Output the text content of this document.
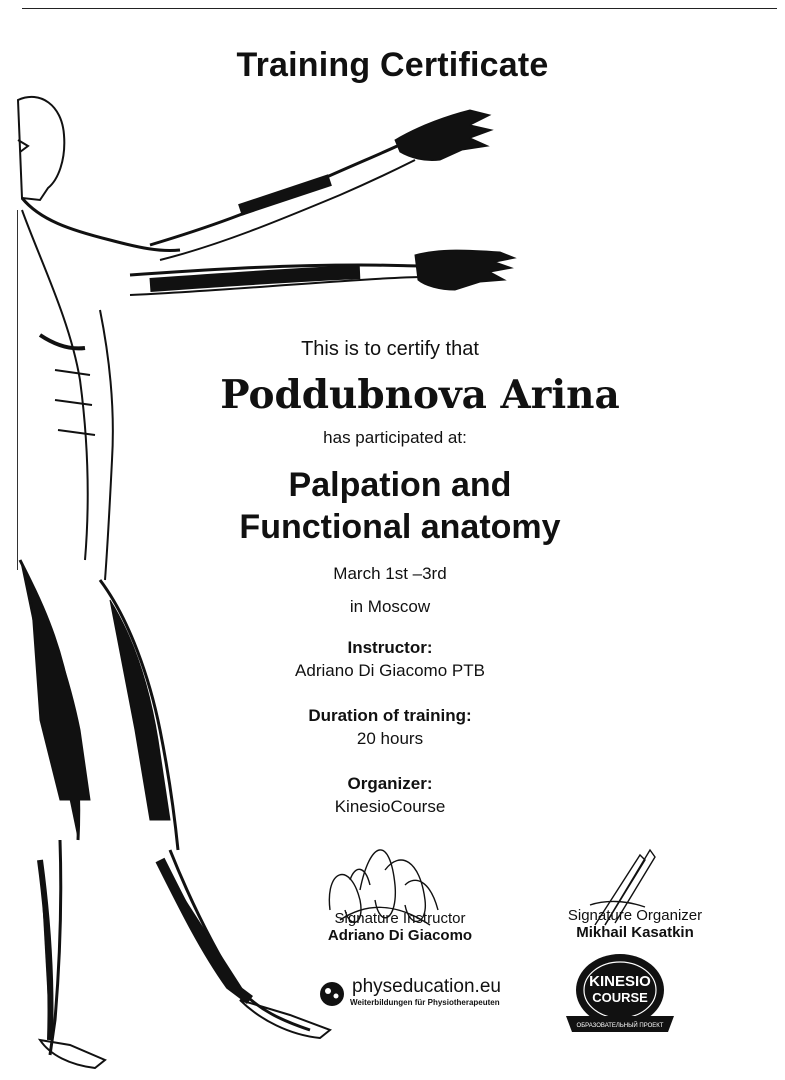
Training Certificate
This is to certify that
Poddubnova Arina
has participated at:
Palpation and
Functional anatomy
March 1st –3rd
in Moscow
Instructor:
Adriano Di Giacomo PTB
Duration of training:
20 hours
Organizer:
KinesioCourse
Signature Instructor
Adriano Di Giacomo
Signature Organizer
Mikhail Kasatkin
physeducation.eu
Weiterbildungen für Physiotherapeuten
KINESIO
COURSE
ОБРАЗОВАТЕЛЬНЫЙ ПРОЕКТ
